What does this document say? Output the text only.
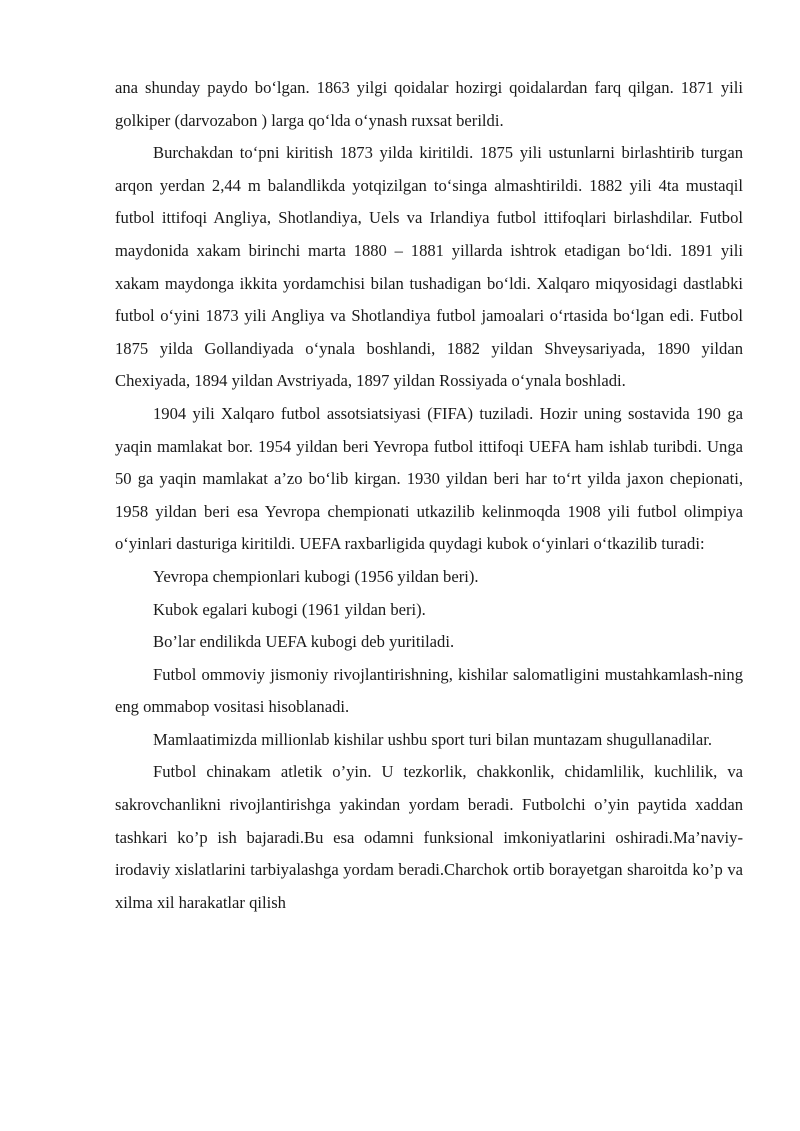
ana shunday paydo bo‘lgan. 1863 yilgi qoidalar hozirgi qoidalardan farq qilgan. 1871 yili golkiper (darvozabon ) larga qo‘lda o‘ynash ruxsat berildi.

Burchakdan to‘pni kiritish 1873 yilda kiritildi. 1875 yili ustunlarni birlashtirib turgan arqon yerdan 2,44 m balandlikda yotqizilgan to‘singa almashtirildi. 1882 yili 4ta mustaqil futbol ittifoqi Angliya, Shotlandiya, Uels va Irlandiya futbol ittifoqlari birlashdilar. Futbol maydonida xakam birinchi marta 1880 – 1881 yillarda ishtrok etadigan bo‘ldi. 1891 yili xakam maydonga ikkita yordamchisi bilan tushadigan bo‘ldi. Xalqaro miqyosidagi dastlabki futbol o‘yini 1873 yili Angliya va Shotlandiya futbol jamoalari o‘rtasida bo‘lgan edi. Futbol 1875 yilda Gollandiyada o‘ynala boshlandi, 1882 yildan Shveysariyada, 1890 yildan Chexiyada, 1894 yildan Avstriyada, 1897 yildan Rossiyada o‘ynala boshladi.

1904 yili Xalqaro futbol assotsiatsiyasi (FIFA) tuziladi. Hozir uning sostavida 190 ga yaqin mamlakat bor. 1954 yildan beri Yevropa futbol ittifoqi UEFA ham ishlab turibdi. Unga 50 ga yaqin mamlakat a’zo bo‘lib kirgan. 1930 yildan beri har to‘rt yilda jaxon chepionati, 1958 yildan beri esa Yevropa chempionati utkazilib kelinmoqda 1908 yili futbol olimpiya o‘yinlari dasturiga kiritildi. UEFA raxbarligida quydagi kubok o‘yinlari o‘tkazilib turadi:

Yevropa chempionlari kubogi (1956 yildan beri).

Kubok egalari kubogi (1961 yildan beri).

Bo’lar endilikda UEFA kubogi deb yuritiladi.

Futbol ommoviy jismoniy rivojlantirishning, kishilar salomatligini mustahkamlash-ning eng ommabop vositasi hisoblanadi.

Mamlaatimizda millionlab kishilar ushbu sport turi bilan muntazam shugullanadilar.

Futbol chinakam atletik o’yin. U tezkorlik, chakkonlik, chidamlilik, kuchlilik, va sakrovchanlikni rivojlantirishga yakindan yordam beradi. Futbolchi o’yin paytida xaddan tashkari ko’p ish bajaradi.Bu esa odamni funksional imkoniyatlarini oshiradi.Ma’naviy-irodaviy xislatlarini tarbiyalashga yordam beradi.Charchok ortib borayetgan sharoitda ko’p va xilma xil harakatlar qilish
